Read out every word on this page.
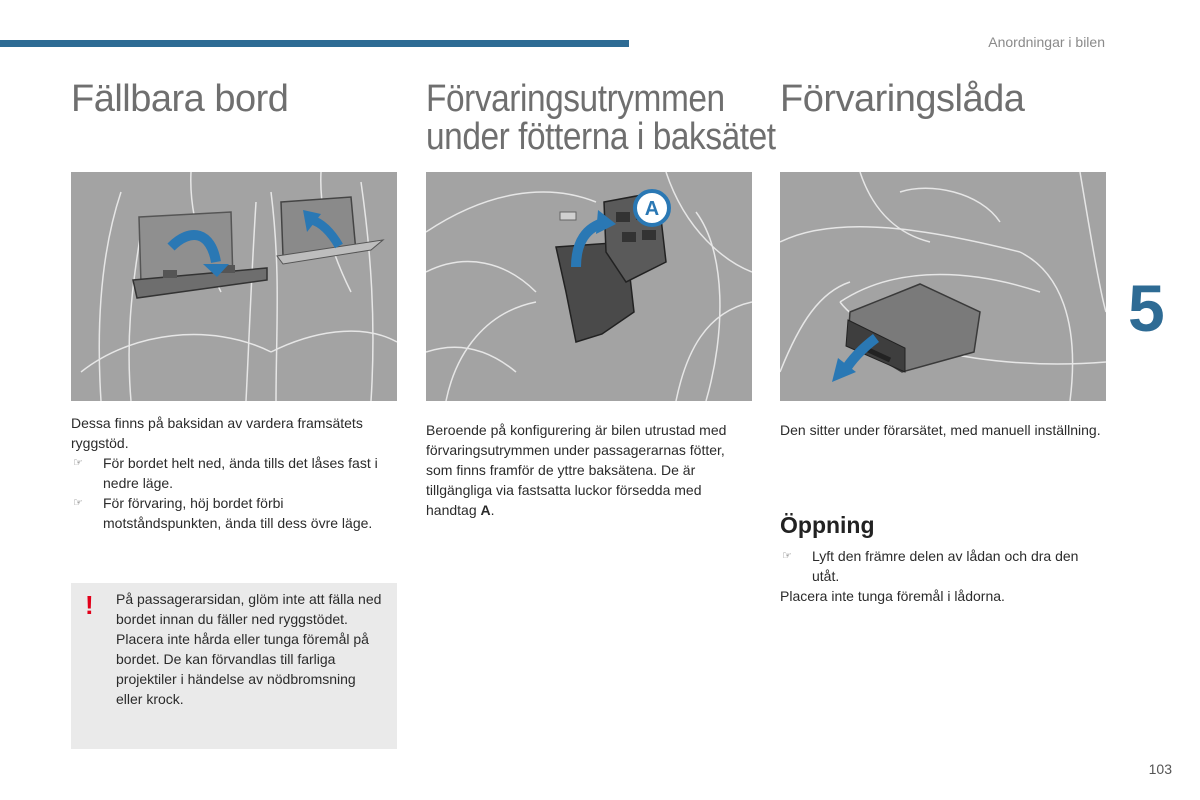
Anordningar i bilen
5
103
Fällbara bord

Dessa finns på baksidan av vardera framsätets ryggstöd.

☞	För bordet helt ned, ända tills det låses fast i nedre läge.
☞	För förvaring, höj bordet förbi motståndspunkten, ända till dess övre läge.
! På passagerarsidan, glöm inte att fälla ned bordet innan du fäller ned ryggstödet.

Placera inte hårda eller tunga föremål på bordet. De kan förvandlas till farliga projektiler i händelse av nödbromsning eller krock.

Förvaringsutrymmen
under fötterna i baksätet
A

Beroende på konfigurering är bilen utrustad med förvaringsutrymmen under passagerarnas fötter, som finns framför de yttre baksätena. De är tillgängliga via fastsatta luckor försedda med handtag A.

Förvaringslåda

Den sitter under förarsätet, med manuell inställning.

Öppning
☞	Lyft den främre delen av lådan och dra den utåt.

Placera inte tunga föremål i lådorna.
